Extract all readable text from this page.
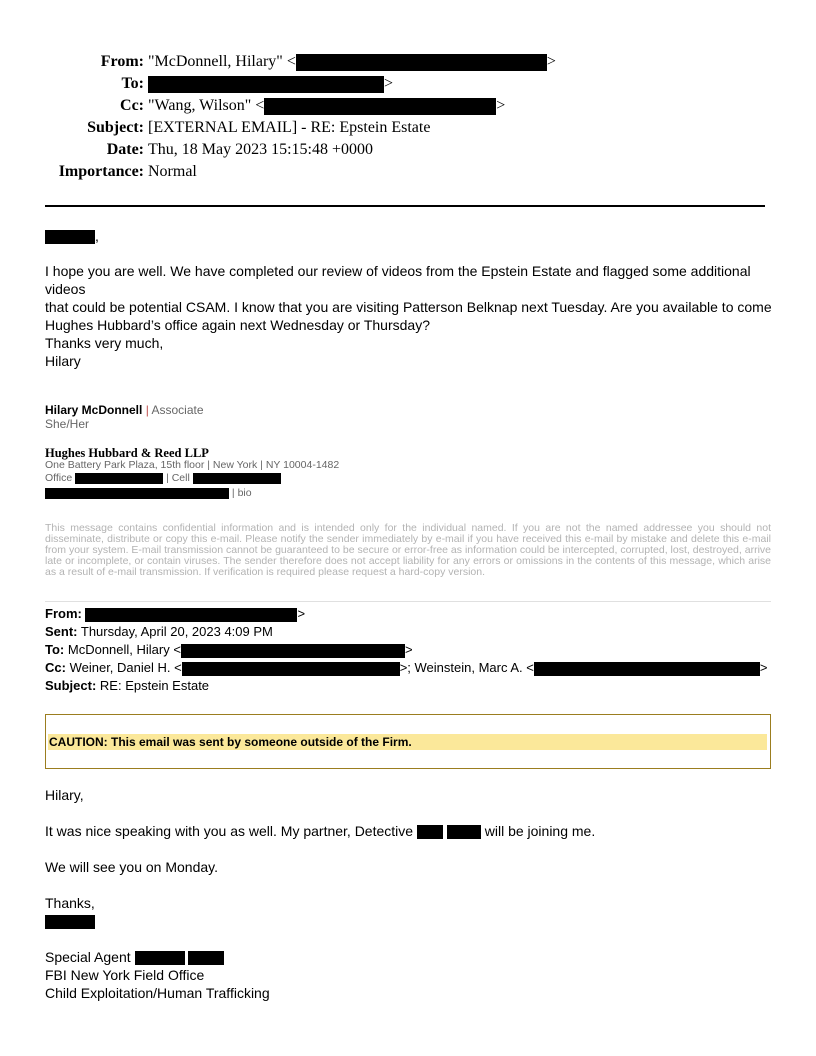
From: "McDonnell, Hilary" <	>
To:	>
Cc: "Wang, Wilson" <	>
Subject: [EXTERNAL EMAIL] - RE: Epstein Estate
Date: Thu, 18 May 2023 15:15:48 +0000
Importance: Normal
,
I hope you are well. We have completed our review of videos from the Epstein Estate and flagged some additional videos
that could be potential CSAM. I know that you are visiting Patterson Belknap next Tuesday. Are you available to come
Hughes Hubbard’s office again next Wednesday or Thursday?
Thanks very much,
Hilary
Hilary McDonnell | Associate
She/Her
Hughes Hubbard & Reed LLP
One Battery Park Plaza, 15th floor | New York | NY 10004-1482
Office	| Cell
| bio
This message contains confidential information and is intended only for the individual named. If you are not the named addressee you should not disseminate, distribute or copy this e-mail. Please notify the sender immediately by e-mail if you have received this e-mail by mistake and delete this e-mail from your system. E-mail transmission cannot be guaranteed to be secure or error-free as information could be intercepted, corrupted, lost, destroyed, arrive late or incomplete, or contain viruses. The sender therefore does not accept liability for any errors or omissions in the contents of this message, which arise as a result of e-mail transmission. If verification is required please request a hard-copy version.
From:	>
Sent: Thursday, April 20, 2023 4:09 PM
To: McDonnell, Hilary <	>
Cc: Weiner, Daniel H. <	>; Weinstein, Marc A. <	>
Subject: RE: Epstein Estate
CAUTION: This email was sent by someone outside of the Firm.
Hilary,
It was nice speaking with you as well. My partner, Detective	will be joining me.
We will see you on Monday.
Thanks,
Special Agent
FBI New York Field Office
Child Exploitation/Human Trafficking
